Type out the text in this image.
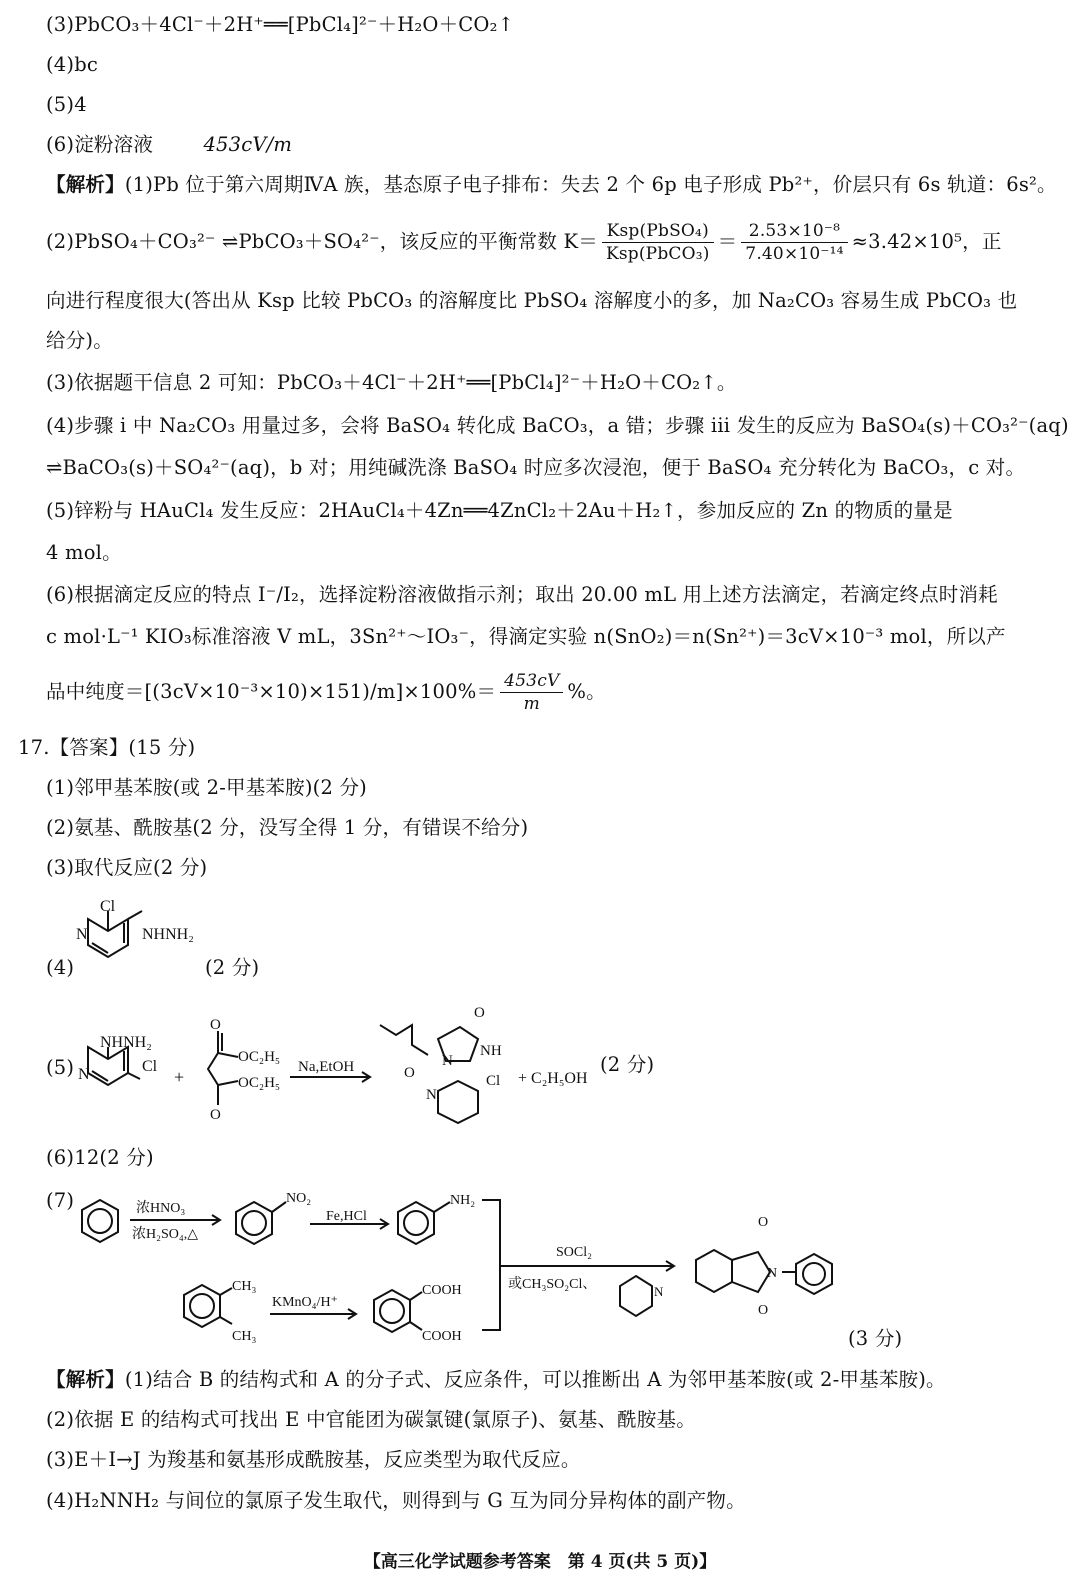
(3)PbCO₃＋4Cl⁻＋2H⁺══[PbCl₄]²⁻＋H₂O＋CO₂↑
(4)bc
(5)4
(6)淀粉溶液	453cV/m
【解析】(1)Pb 位于第六周期ⅣA 族，基态原子电子排布：失去 2 个 6p 电子形成 Pb²⁺，价层只有 6s 轨道：6s²。
(2)PbSO₄＋CO₃²⁻ ⇌PbCO₃＋SO₄²⁻，该反应的平衡常数 $K= \frac{\text{Ksp(PbSO₄)}}{\text{Ksp(PbCO₃)}} = \frac{\text{2.53×10⁻⁸}}{\text{7.40×10⁻¹⁴}} \approx 3.42\times 10^5$，正
向进行程度很大(答出从 Ksp 比较 PbCO₃ 的溶解度比 PbSO₄ 溶解度小的多，加 Na₂CO₃ 容易生成 PbCO₃ 也
给分)。
(3)依据题干信息 2 可知：PbCO₃＋4Cl⁻＋2H⁺══[PbCl₄]²⁻＋H₂O＋CO₂↑。
(4)步骤 i 中 Na₂CO₃ 用量过多，会将 BaSO₄ 转化成 BaCO₃，a 错；步骤 iii 发生的反应为 BaSO₄(s)＋CO₃²⁻(aq)
⇌BaCO₃(s)＋SO₄²⁻(aq)，b 对；用纯碱洗涤 BaSO₄ 时应多次浸泡，便于 BaSO₄ 充分转化为 BaCO₃，c 对。
(5)锌粉与 HAuCl₄ 发生反应：2HAuCl₄＋4Zn══4ZnCl₂＋2Au＋H₂↑，参加反应的 Zn 的物质的量是
4 mol。
(6)根据滴定反应的特点 I⁻/I₂，选择淀粉溶液做指示剂；取出 20.00 mL 用上述方法滴定，若滴定终点时消耗
c mol·L⁻¹ KIO₃标准溶液 V mL，3Sn²⁺～IO₃⁻，得滴定实验 n(SnO₂)＝n(Sn²⁺)＝3cV×10⁻³ mol，所以产
品中纯度$=[(3cV\times 10^{-3}\times 10)\times 151)/m]\times 100\%= \frac{453cV}{m}$ %。
17.【答案】(15 分)
(1)邻甲基苯胺(或 2-甲基苯胺)(2 分)
(2)氨基、酰胺基(2 分，没写全得 1 分，有错误不给分)
(3)取代反应(2 分)
(4)
Cl
N	NHNH₂
(2 分)
(5)
NHNH₂
N	Cl
+
O
O
OC₂H₅
OC₂H₅
Na,EtOH	O
O
NH
N
N
Cl + C₂H₅OH
(2 分)
(6)12(2 分)
(7)	浓HNO₃
浓H₂SO₄,△
NO₂
Fe,HCl
NH₂
CH₃
CH₃
KMnO₄/H⁺
COOH
COOH
SOCl₂
或CH₃SO₂Cl、	N
O
O
N
(3 分)
【解析】(1)结合 B 的结构式和 A 的分子式、反应条件，可以推断出 A 为邻甲基苯胺(或 2-甲基苯胺)。
(2)依据 E 的结构式可找出 E 中官能团为碳氯键(氯原子)、氨基、酰胺基。
(3)E＋I→J 为羧基和氨基形成酰胺基，反应类型为取代反应。
(4)H₂NNH₂ 与间位的氯原子发生取代，则得到与 G 互为同分异构体的副产物。
【高三化学试题参考答案　第 4 页(共 5 页)】
